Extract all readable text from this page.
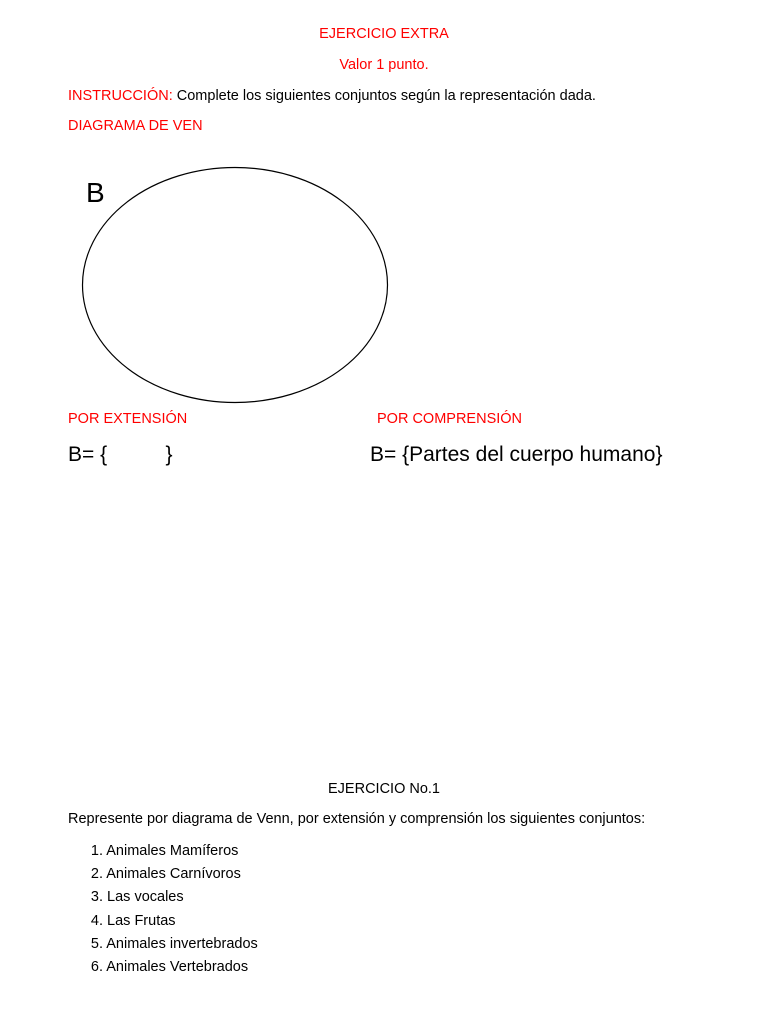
EJERCICIO EXTRA
Valor 1 punto.
INSTRUCCIÓN: Complete los siguientes conjuntos según la representación dada.
DIAGRAMA DE VEN
B
POR EXTENSIÓN	POR COMPRENSIÓN
B= {          }	B= {Partes del cuerpo humano}
EJERCICIO No.1
Represente por diagrama de Venn, por extensión y comprensión los siguientes conjuntos:
1. Animales Mamíferos
2. Animales Carnívoros
3. Las vocales
4. Las Frutas
5. Animales invertebrados
6. Animales Vertebrados
